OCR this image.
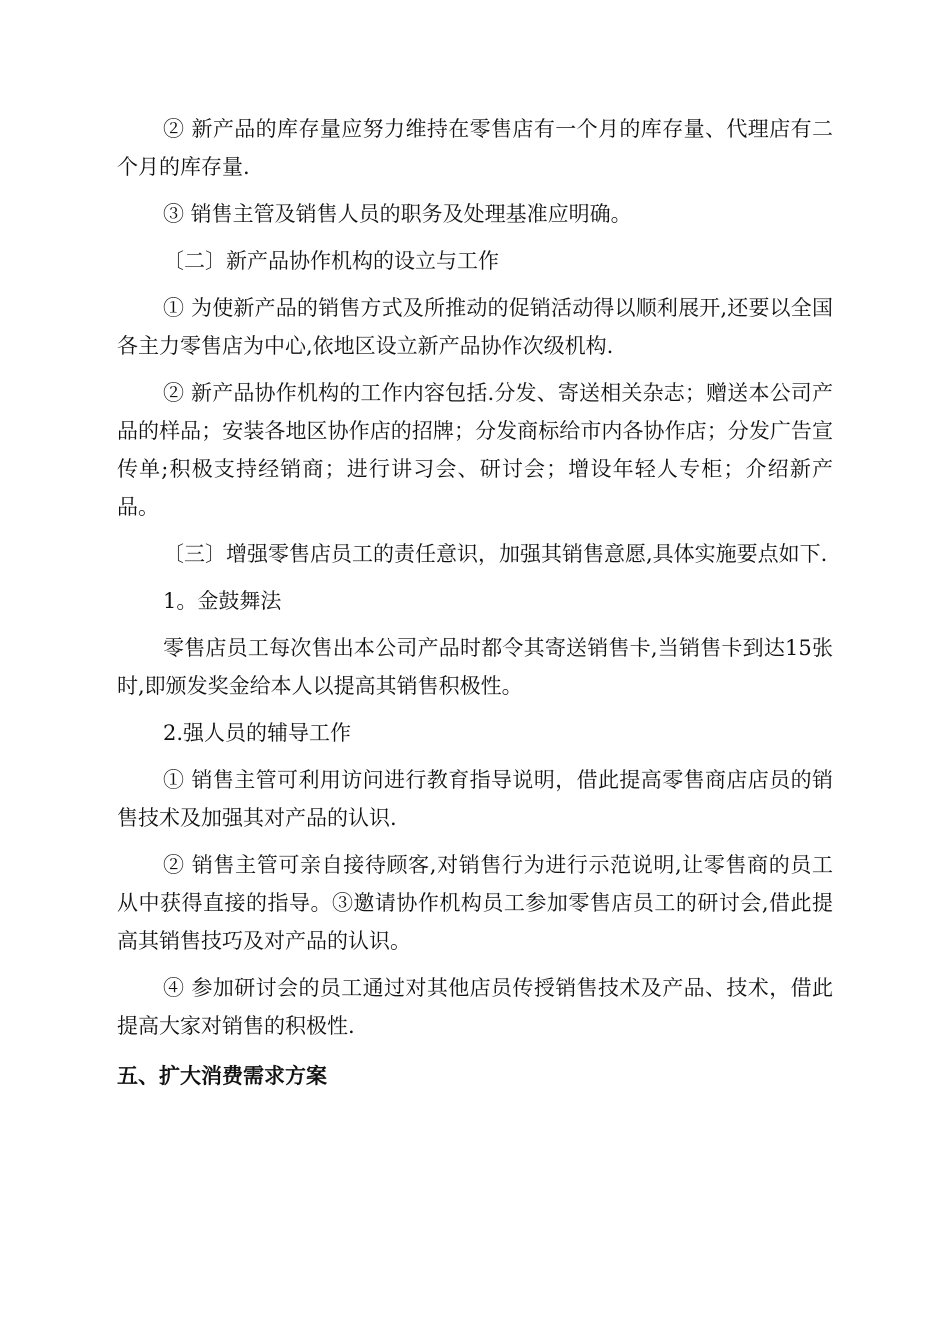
② 新产品的库存量应努力维持在零售店有一个月的库存量、代理店有二个月的库存量.

③ 销售主管及销售人员的职务及处理基准应明确。

〔二〕新产品协作机构的设立与工作

① 为使新产品的销售方式及所推动的促销活动得以顺利展开,还要以全国各主力零售店为中心,依地区设立新产品协作次级机构.

② 新产品协作机构的工作内容包括.分发、寄送相关杂志；赠送本公司产品的样品；安装各地区协作店的招牌；分发商标给市内各协作店；分发广告宣传单;积极支持经销商；进行讲习会、研讨会；增设年轻人专柜；介绍新产品。

〔三〕增强零售店员工的责任意识，加强其销售意愿,具体实施要点如下.

1。金鼓舞法

零售店员工每次售出本公司产品时都令其寄送销售卡,当销售卡到达15张时,即颁发奖金给本人以提高其销售积极性。

2.强人员的辅导工作

① 销售主管可利用访问进行教育指导说明，借此提高零售商店店员的销售技术及加强其对产品的认识.

② 销售主管可亲自接待顾客,对销售行为进行示范说明,让零售商的员工从中获得直接的指导。③邀请协作机构员工参加零售店员工的研讨会,借此提高其销售技巧及对产品的认识。

④ 参加研讨会的员工通过对其他店员传授销售技术及产品、技术，借此提高大家对销售的积极性.

五、扩大消费需求方案
